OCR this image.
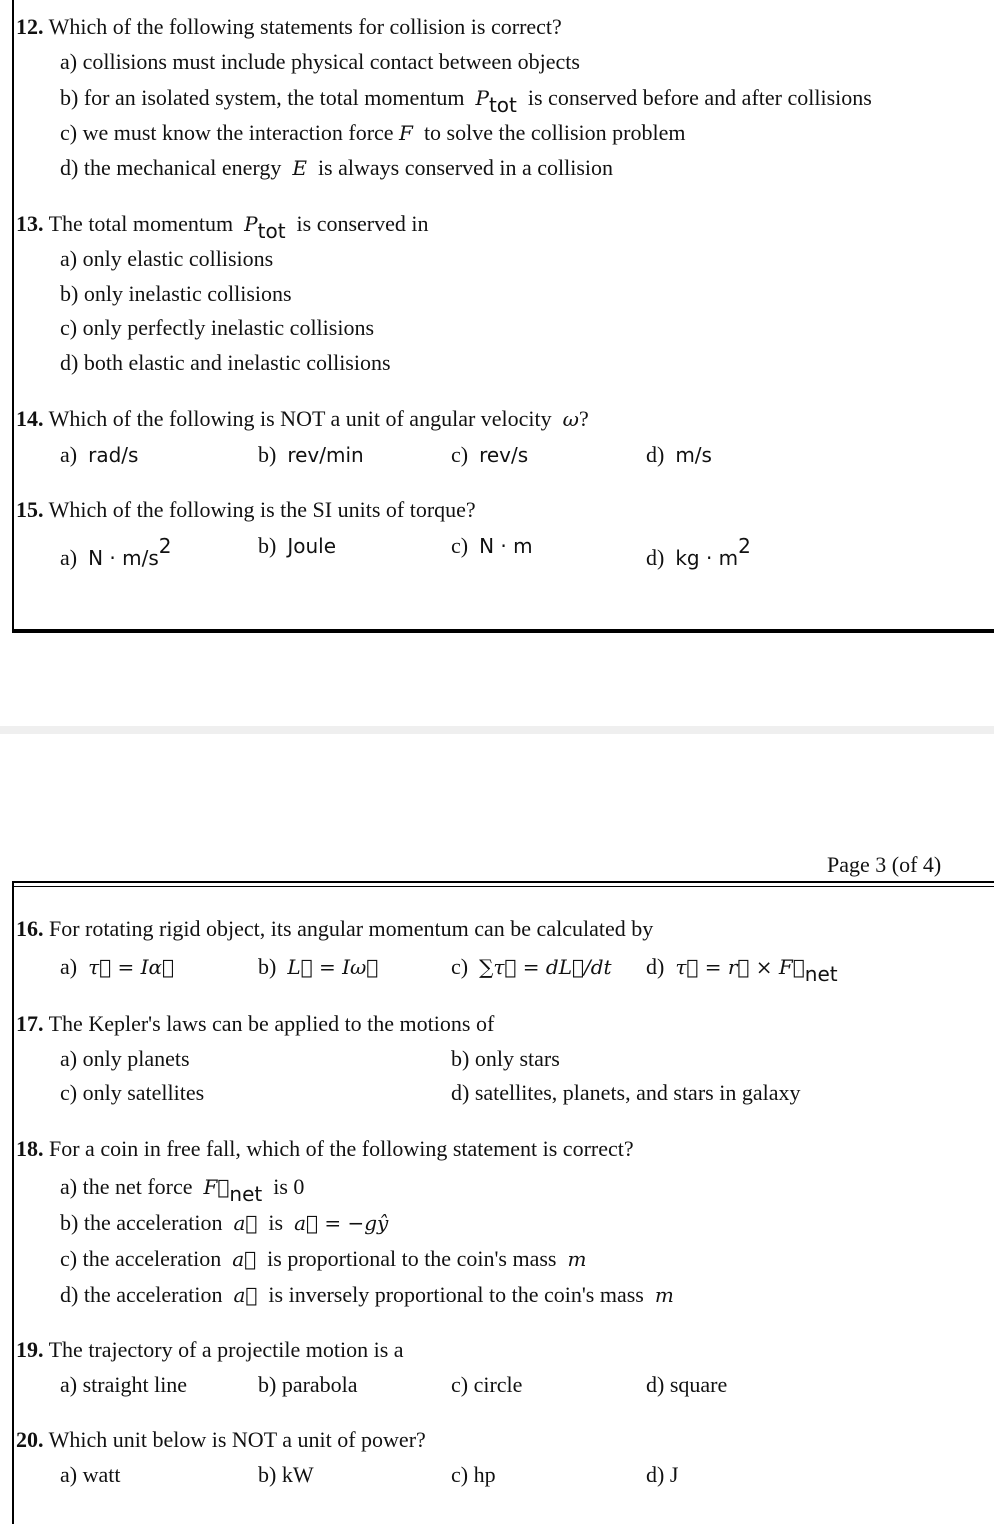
12. Which of the following statements for collision is correct?
a) collisions must include physical contact between objects
b) for an isolated system, the total momentum $P_{tot}$ is conserved before and after collisions
c) we must know the interaction force F to solve the collision problem
d) the mechanical energy E is always conserved in a collision
13. The total momentum $P_{tot}$ is conserved in
a) only elastic collisions
b) only inelastic collisions
c) only perfectly inelastic collisions
d) both elastic and inelastic collisions
14. Which of the following is NOT a unit of angular velocity ω?
a) rad/s	b) rev/min	c) rev/s	d) m/s
15. Which of the following is the SI units of torque?
a) $N \cdot m/s^2$	b) Joule	c) N · m	d) kg · $m^2$
Page 3 (of 4)
16. For rotating rigid object, its angular momentum can be calculated by
a) τ⃗ = Iα⃗	b) L⃗ = Iω⃗	c) ∑τ⃗ = dL⃗/dt d) τ⃗ = r⃗ × $F⃗_{net}$
17. The Kepler's laws can be applied to the motions of
a) only planets	b) only stars
c) only satellites	d) satellites, planets, and stars in galaxy
18. For a coin in free fall, which of the following statement is correct?
a) the net force $F⃗_{net}$ is 0
b) the acceleration a⃗ is a⃗ = −gŷ
c) the acceleration a⃗ is proportional to the coin's mass m
d) the acceleration a⃗ is inversely proportional to the coin's mass m
19. The trajectory of a projectile motion is a
a) straight line	b) parabola	c) circle	d) square
20. Which unit below is NOT a unit of power?
a) watt	b) kW	c) hp	d) J
